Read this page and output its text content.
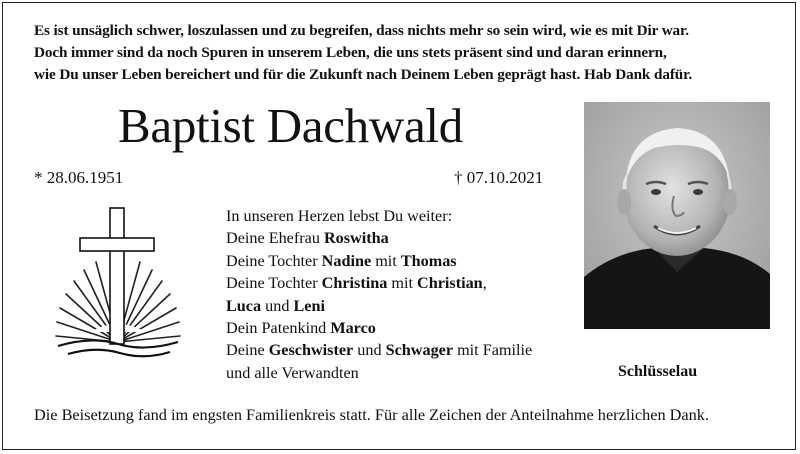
Es ist unsäglich schwer, loszulassen und zu begreifen, dass nichts mehr so sein wird, wie es mit Dir war.
Doch immer sind da noch Spuren in unserem Leben, die uns stets präsent sind und daran erinnern,
wie Du unser Leben bereichert und für die Zukunft nach Deinem Leben geprägt hast. Hab Dank dafür.
Baptist Dachwald
* 28.06.1951	† 07.10.2021
In unseren Herzen lebst Du weiter:
Deine Ehefrau Roswitha
Deine Tochter Nadine mit Thomas
Deine Tochter Christina mit Christian,
Luca und Leni
Dein Patenkind Marco
Deine Geschwister und Schwager mit Familie
und alle Verwandten	Schlüsselau
Die Beisetzung fand im engsten Familienkreis statt. Für alle Zeichen der Anteilnahme herzlichen Dank.
